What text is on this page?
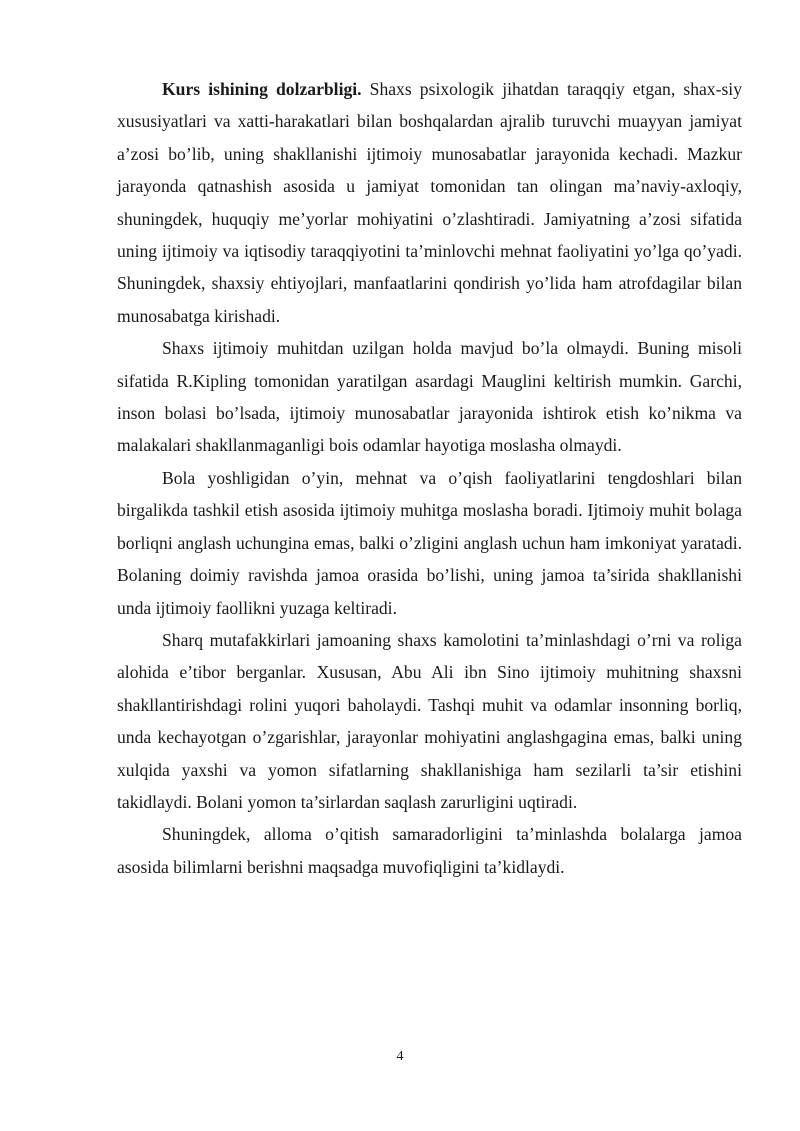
Kurs ishining dolzarbligi. Shaxs psixologik jihatdan taraqqiy etgan, shax-siy xususiyatlari va xatti-harakatlari bilan boshqalardan ajralib turuvchi muayyan jamiyat a’zosi bo’lib, uning shakllanishi ijtimoiy munosabatlar jarayonida kechadi. Mazkur jarayonda qatnashish asosida u jamiyat tomonidan tan olingan ma’naviy-axloqiy, shuningdek, huquqiy me’yorlar mohiyatini o’zlashtiradi. Jamiyatning a’zosi sifatida uning ijtimoiy va iqtisodiy taraqqiyotini ta’minlovchi mehnat faoliyatini yo’lga qo’yadi. Shuningdek, shaxsiy ehtiyojlari, manfaatlarini qondirish yo’lida ham atrofdagilar bilan munosabatga kirishadi.

Shaxs ijtimoiy muhitdan uzilgan holda mavjud bo’la olmaydi. Buning misoli sifatida R.Kipling tomonidan yaratilgan asardagi Mauglini keltirish mumkin. Garchi, inson bolasi bo’lsada, ijtimoiy munosabatlar jarayonida ishtirok etish ko’nikma va malakalari shakllanmaganligi bois odamlar hayotiga moslasha olmaydi.

Bola yoshligidan o’yin, mehnat va o’qish faoliyatlarini tengdoshlari bilan birgalikda tashkil etish asosida ijtimoiy muhitga moslasha boradi. Ijtimoiy muhit bolaga borliqni anglash uchungina emas, balki o’zligini anglash uchun ham imkoniyat yaratadi. Bolaning doimiy ravishda jamoa orasida bo’lishi, uning jamoa ta’sirida shakllanishi unda ijtimoiy faollikni yuzaga keltiradi.

Sharq mutafakkirlari jamoaning shaxs kamolotini ta’minlashdagi o’rni va roliga alohida e’tibor berganlar. Xususan, Abu Ali ibn Sino ijtimoiy muhitning shaxsni shakllantirishdagi rolini yuqori baholaydi. Tashqi muhit va odamlar insonning borliq, unda kechayotgan o’zgarishlar, jarayonlar mohiyatini anglashgagina emas, balki uning xulqida yaxshi va yomon sifatlarning shakllanishiga ham sezilarli ta’sir etishini takidlaydi. Bolani yomon ta’sirlardan saqlash zarurligini uqtiradi.

Shuningdek, alloma o’qitish samaradorligini ta’minlashda bolalarga jamoa asosida bilimlarni berishni maqsadga muvofiqligini ta’kidlaydi.

4
